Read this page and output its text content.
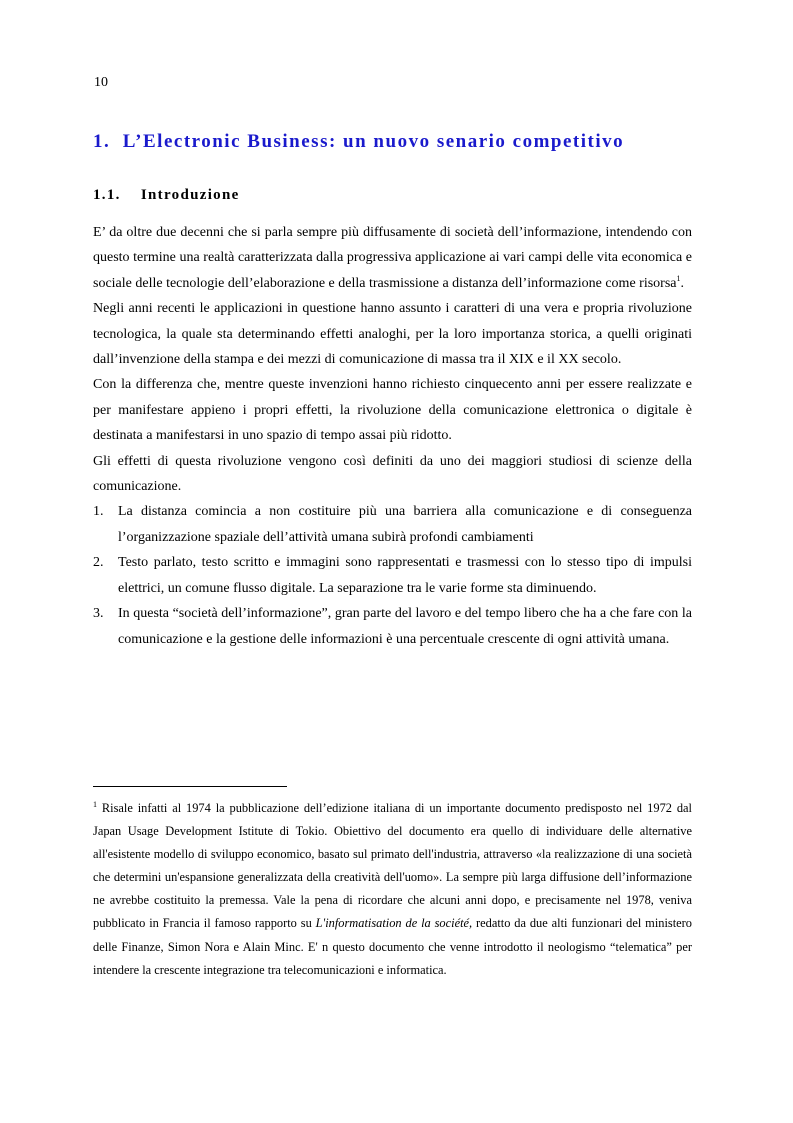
10
1. L’Electronic Business: un nuovo senario competitivo
1.1. Introduzione

E’ da oltre due decenni che si parla sempre più diffusamente di società dell’informazione, intendendo con questo termine una realtà caratterizzata dalla progressiva applicazione ai vari campi delle vita economica e sociale delle tecnologie dell’elaborazione e della trasmissione a distanza dell’informazione come risorsa$^1$.

Negli anni recenti le applicazioni in questione hanno assunto i caratteri di una vera e propria rivoluzione tecnologica, la quale sta determinando effetti analoghi, per la loro importanza storica, a quelli originati dall’invenzione della stampa e dei mezzi di comunicazione di massa tra il XIX e il XX secolo.

Con la differenza che, mentre queste invenzioni hanno richiesto cinquecento anni per essere realizzate e per manifestare appieno i propri effetti, la rivoluzione della comunicazione elettronica o digitale è destinata a manifestarsi in uno spazio di tempo assai più ridotto.

Gli effetti di questa rivoluzione vengono così definiti da uno dei maggiori studiosi di scienze della comunicazione.

1. La distanza comincia a non costituire più una barriera alla comunicazione e di conseguenza l’organizzazione spaziale dell’attività umana subirà profondi cambiamenti
2. Testo parlato, testo scritto e immagini sono rappresentati e trasmessi con lo stesso tipo di impulsi elettrici, un comune flusso digitale. La separazione tra le varie forme sta diminuendo.
3. In questa “società dell’informazione”, gran parte del lavoro e del tempo libero che ha a che fare con la comunicazione e la gestione delle informazioni è una percentuale crescente di ogni attività umana.

$^1$ Risale infatti al 1974 la pubblicazione dell’edizione italiana di un importante documento predisposto nel 1972 dal Japan Usage Development Istitute di Tokio. Obiettivo del documento era quello di individuare delle alternative all'esistente modello di sviluppo economico, basato sul primato dell'industria, attraverso «la realizzazione di una società che determini un'espansione generalizzata della creatività dell'uomo». La sempre più larga diffusione dell’informazione ne avrebbe costituito la premessa. Vale la pena di ricordare che alcuni anni dopo, e precisamente nel 1978, veniva pubblicato in Francia il famoso rapporto su L'informatisation de la société, redatto da due alti funzionari del ministero delle Finanze, Simon Nora e Alain Minc. E' n questo documento che venne introdotto il neologismo “telematica” per intendere la crescente integrazione tra telecomunicazioni e informatica.
